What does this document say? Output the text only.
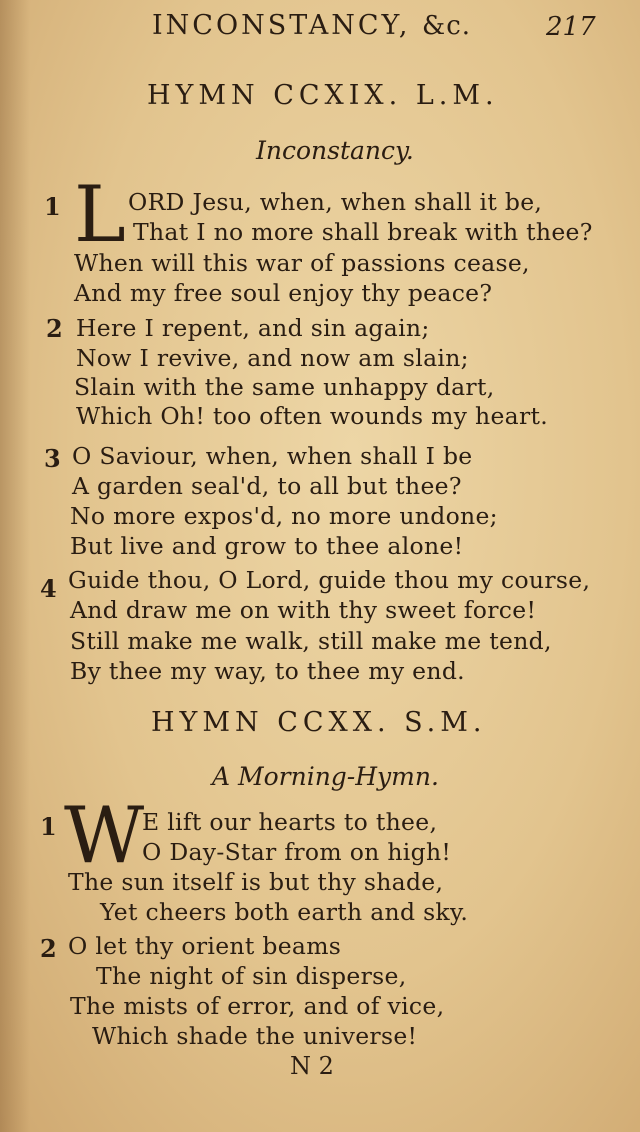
INCONSTANCY, &c.	217
HYMN CCXIX. L.M.
Inconstancy.
1 L ORD Jesu, when, when shall it be,
That I no more shall break with thee?
When will this war of passions cease,
And my free soul enjoy thy peace?
2 Here I repent, and sin again;
Now I revive, and now am slain;
Slain with the same unhappy dart,
Which Oh! too often wounds my heart.
3 O Saviour, when, when shall I be
A garden seal'd, to all but thee?
No more expos'd, no more undone;
But live and grow to thee alone!
4 Guide thou, O Lord, guide thou my course,
And draw me on with thy sweet force!
Still make me walk, still make me tend,
By thee my way, to thee my end.
HYMN CCXX. S.M.
A Morning-Hymn.
1 W
E lift our hearts to thee,
O Day-Star from on high!
The sun itself is but thy shade,
Yet cheers both earth and sky.
2 O let thy orient beams
The night of sin disperse,
The mists of error, and of vice,
Which shade the universe!
N 2
